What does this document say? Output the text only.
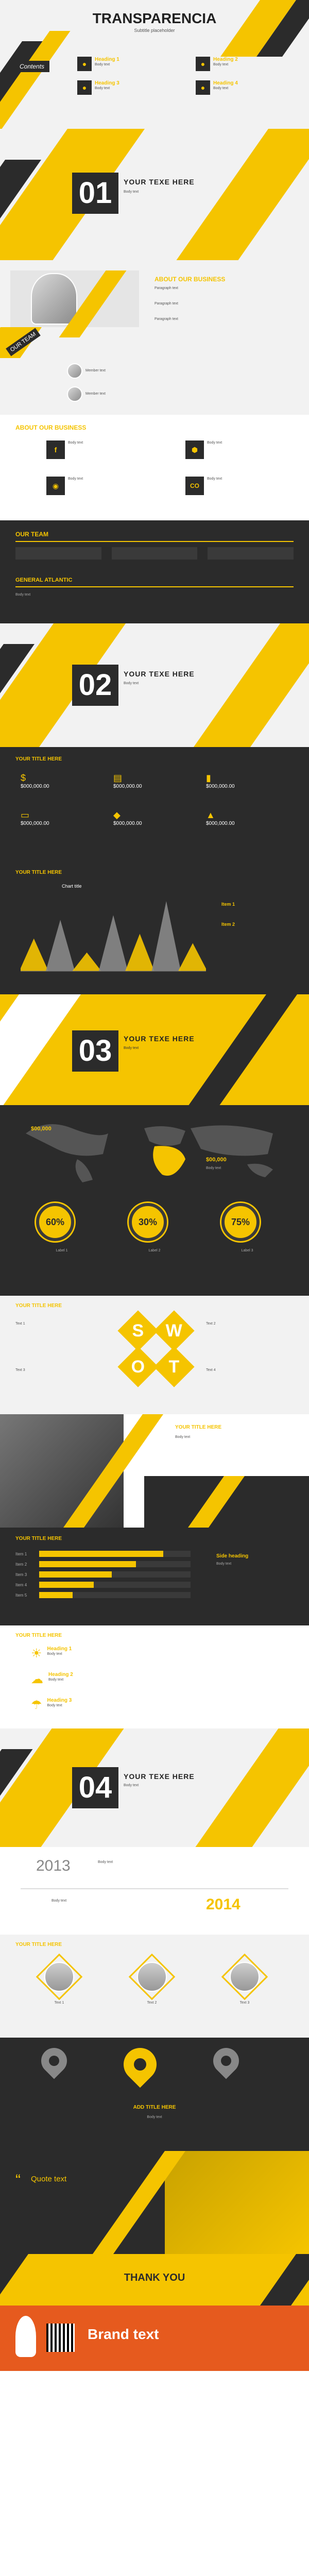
TRANSPARENCIA
Subtitle placeholder
Contents	●
Heading 1
Body text	●
Heading 2
Body text
●
Heading 3
Body text	●
Heading 4
Body text
01	YOUR TEXE HERE
Body text
OUR TEAM
ABOUT OUR BUSINESS
Paragraph text
Paragraph text
Paragraph text
Member text
Member text
ABOUT OUR BUSINESS
f
Body text
⬢
Body text
◉
Body text
CO
Body text
OUR TEAM
GENERAL ATLANTIC
Body text
02	YOUR TEXE HERE
Body text
YOUR TITLE HERE
$
$000,000.00
▤
$000,000.00
▮
$000,000.00
▭
$000,000.00
◆
$000,000.00
▲
$000,000.00
YOUR TITLE HERE
Chart title
Item 1

Item 2
03	YOUR TEXE HERE
Body text
$00,000
$00,000
Body text
60%
Label 1
30%
Label 2
75%
Label 3
YOUR TITLE HERE
S W
O T
Text 1	Text 2
Text 3	Text 4
YOUR TITLE HERE
Body text
YOUR TITLE HERE
Item 1
Item 2
Item 3
Item 4
Item 5
Side heading
Body text
YOUR TITLE HERE
☀ Heading 1
Body text
☁ Heading 2
Body text
☂ Heading 3
Body text
04	YOUR TEXE HERE
Body text
2013	Body text
Body text	2014
YOUR TITLE HERE
Text 1	Text 2	Text 3
ADD TITLE HERE
Body text
“ Quote text
THANK YOU
Brand text
